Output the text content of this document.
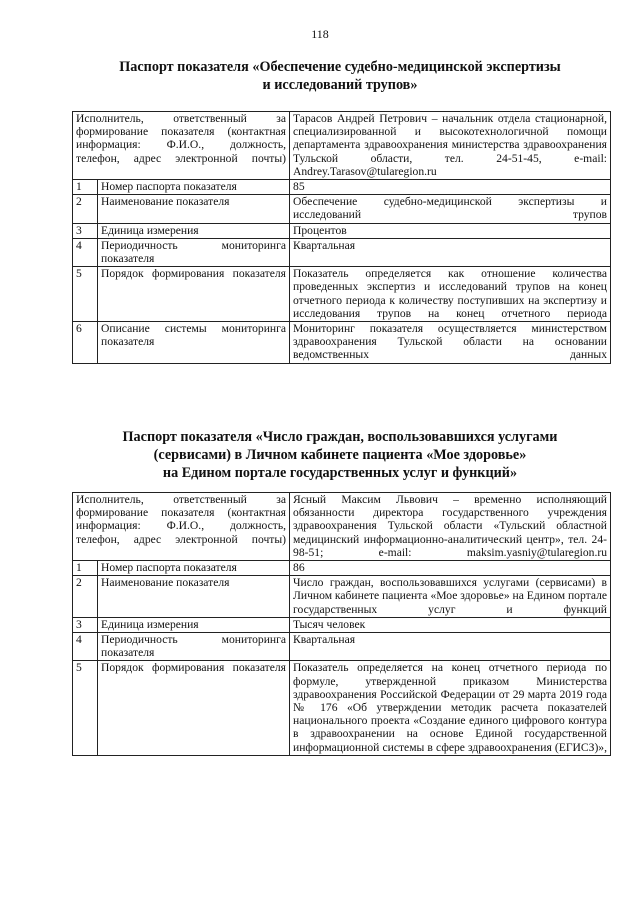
118
Паспорт показателя «Обеспечение судебно-медицинской экспертизы
и исследований трупов»
Исполнитель, ответственный за формирование показателя (контактная информация: Ф.И.О., должность, телефон, адрес электронной почты)		Тарасов Андрей Петрович – начальник отдела стационарной, специализированной и высокотехнологичной помощи департамента здравоохранения министерства здравоохранения Тульской области, тел. 24-51-45, e-mail: Andrey.Tarasov@tularegion.ru
1	Номер паспорта показателя	85
2	Наименование показателя	Обеспечение судебно-медицинской экспертизы и исследований трупов
3	Единица измерения	Процентов
4	Периодичность мониторинга показателя	Квартальная
5	Порядок формирования показателя	Показатель определяется как отношение количества проведенных экспертиз и исследований трупов на конец отчетного периода к количеству поступивших на экспертизу и исследования трупов на конец отчетного периода
6	Описание системы мониторинга показателя	Мониторинг показателя осуществляется министерством здравоохранения Тульской области на основании ведомственных данных
Паспорт показателя «Число граждан, воспользовавшихся услугами
(сервисами) в Личном кабинете пациента «Мое здоровье»
на Едином портале государственных услуг и функций»
Исполнитель, ответственный за формирование показателя (контактная информация: Ф.И.О., должность, телефон, адрес электронной почты)		Ясный Максим Львович – временно исполняющий обязанности директора государственного учреждения здравоохранения Тульской области «Тульский областной медицинский информационно-аналитический центр», тел. 24-98-51; e-mail: maksim.yasniy@tularegion.ru
1	Номер паспорта показателя	86
2	Наименование показателя	Число граждан, воспользовавшихся услугами (сервисами) в Личном кабинете пациента «Мое здоровье» на Едином портале государственных услуг и функций
3	Единица измерения	Тысяч человек
4	Периодичность мониторинга показателя	Квартальная
5	Порядок формирования показателя	Показатель определяется на конец отчетного периода по формуле, утвержденной приказом Министерства здравоохранения Российской Федерации от 29 марта 2019 года № 176 «Об утверждении методик расчета показателей национального проекта «Создание единого цифрового контура в здравоохранении на основе Единой государственной информационной системы в сфере здравоохранения (ЕГИСЗ)»,
